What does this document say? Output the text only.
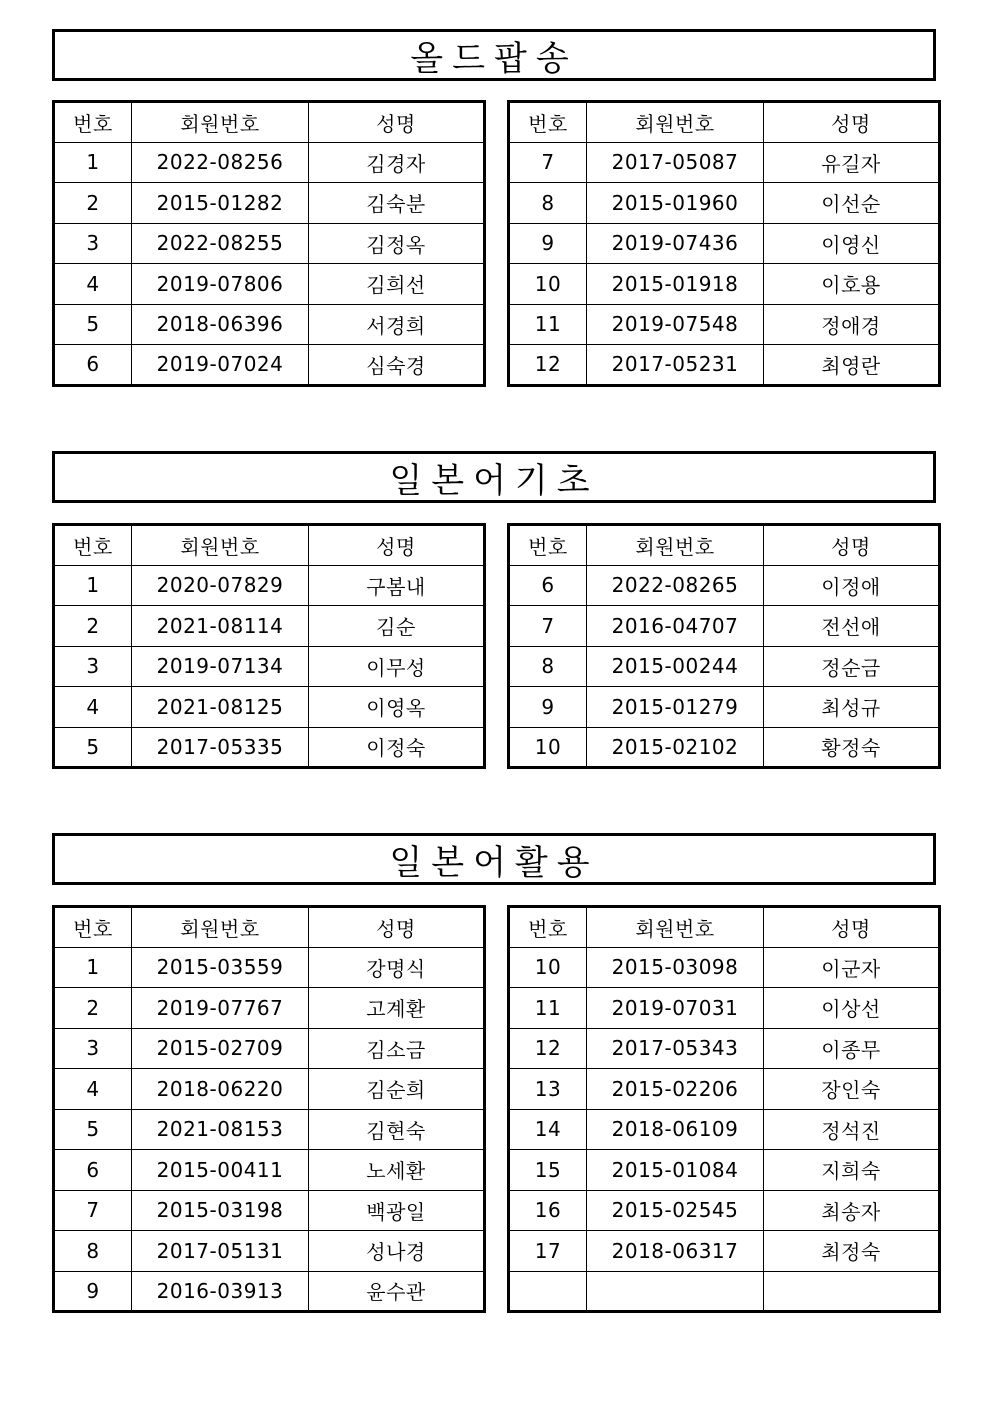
올드팝송
번호	회원번호	성명
1	2022-08256	김경자
2	2015-01282	김숙분
3	2022-08255	김정옥
4	2019-07806	김희선
5	2018-06396	서경희
6	2019-07024	심숙경
번호	회원번호	성명
7	2017-05087	유길자
8	2015-01960	이선순
9	2019-07436	이영신
10	2015-01918	이호용
11	2019-07548	정애경
12	2017-05231	최영란
일본어기초
번호	회원번호	성명
1	2020-07829	구봄내
2	2021-08114	김순
3	2019-07134	이무성
4	2021-08125	이영옥
5	2017-05335	이정숙
번호	회원번호	성명
6	2022-08265	이정애
7	2016-04707	전선애
8	2015-00244	정순금
9	2015-01279	최성규
10	2015-02102	황정숙
일본어활용
번호	회원번호	성명
1	2015-03559	강명식
2	2019-07767	고계환
3	2015-02709	김소금
4	2018-06220	김순희
5	2021-08153	김현숙
6	2015-00411	노세환
7	2015-03198	백광일
8	2017-05131	성나경
9	2016-03913	윤수관
번호	회원번호	성명
10	2015-03098	이군자
11	2019-07031	이상선
12	2017-05343	이종무
13	2015-02206	장인숙
14	2018-06109	정석진
15	2015-01084	지희숙
16	2015-02545	최송자
17	2018-06317	최정숙
